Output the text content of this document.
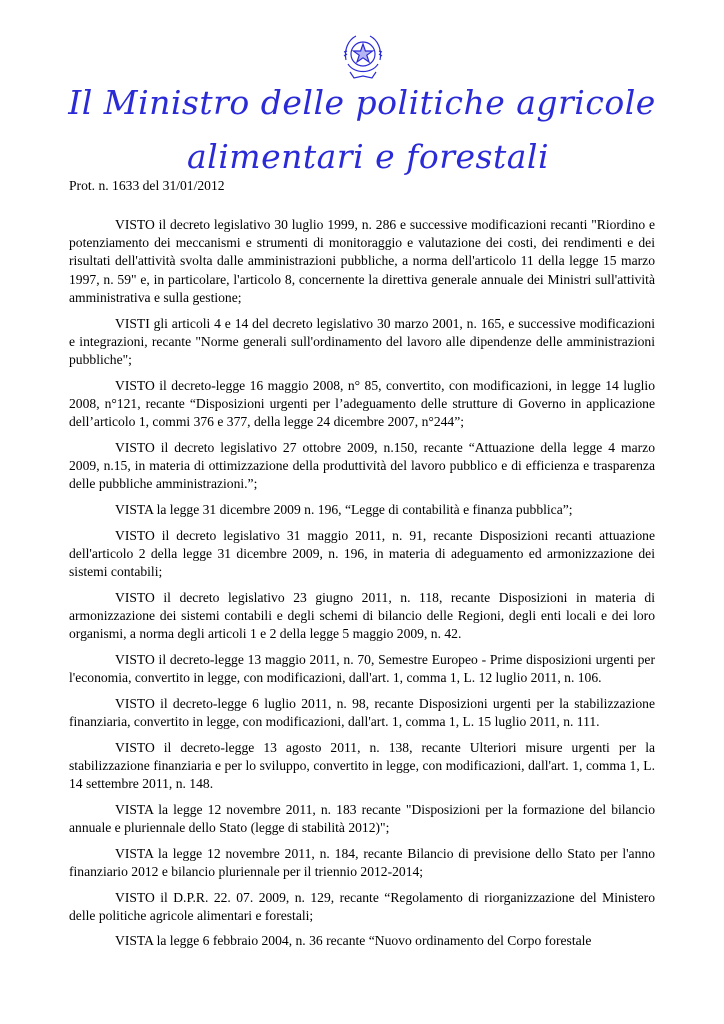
Il Ministro delle politiche agricole
alimentari e forestali
Prot. n. 1633 del 31/01/2012

VISTO il decreto legislativo 30 luglio 1999, n. 286 e successive modificazioni recanti "Riordino e potenziamento dei meccanismi e strumenti di monitoraggio e valutazione dei costi, dei rendimenti e dei risultati dell'attività svolta dalle amministrazioni pubbliche, a norma dell'articolo 11 della legge 15 marzo 1997, n. 59" e, in particolare, l'articolo 8, concernente la direttiva generale annuale dei Ministri sull'attività amministrativa e sulla gestione;

VISTI gli articoli 4 e 14 del decreto legislativo 30 marzo 2001, n. 165, e successive modificazioni e integrazioni, recante "Norme generali sull'ordinamento del lavoro alle dipendenze delle amministrazioni pubbliche";

VISTO il decreto-legge 16 maggio 2008, n° 85, convertito, con modificazioni, in legge 14 luglio 2008, n°121, recante “Disposizioni urgenti per l’adeguamento delle strutture di Governo in applicazione dell’articolo 1, commi 376 e 377, della legge 24 dicembre 2007, n°244”;

VISTO il decreto legislativo 27 ottobre 2009, n.150, recante “Attuazione della legge 4 marzo 2009, n.15, in materia di ottimizzazione della produttività del lavoro pubblico e di efficienza e trasparenza delle pubbliche amministrazioni.”;

VISTA la legge 31 dicembre 2009 n. 196, “Legge di contabilità e finanza pubblica”;

VISTO il decreto legislativo 31 maggio 2011, n. 91, recante Disposizioni recanti attuazione dell'articolo 2 della legge 31 dicembre 2009, n. 196, in materia di adeguamento ed armonizzazione dei sistemi contabili;

VISTO il decreto legislativo 23 giugno 2011, n. 118, recante Disposizioni in materia di armonizzazione dei sistemi contabili e degli schemi di bilancio delle Regioni, degli enti locali e dei loro organismi, a norma degli articoli 1 e 2 della legge 5 maggio 2009, n. 42.

VISTO il decreto-legge 13 maggio 2011, n. 70, Semestre Europeo - Prime disposizioni urgenti per l'economia, convertito in legge, con modificazioni, dall'art. 1, comma 1, L. 12 luglio 2011, n. 106.

VISTO il decreto-legge 6 luglio 2011, n. 98, recante Disposizioni urgenti per la stabilizzazione finanziaria, convertito in legge, con modificazioni, dall'art. 1, comma 1, L. 15 luglio 2011, n. 111.

VISTO il decreto-legge 13 agosto 2011, n. 138, recante Ulteriori misure urgenti per la stabilizzazione finanziaria e per lo sviluppo, convertito in legge, con modificazioni, dall'art. 1, comma 1, L. 14 settembre 2011, n. 148.

VISTA la legge 12 novembre 2011, n. 183 recante "Disposizioni per la formazione del bilancio annuale e pluriennale dello Stato (legge di stabilità 2012)";

VISTA la legge 12 novembre 2011, n. 184, recante Bilancio di previsione dello Stato per l'anno finanziario 2012 e bilancio pluriennale per il triennio 2012-2014;

VISTO il D.P.R. 22. 07. 2009, n. 129, recante “Regolamento di riorganizzazione del Ministero delle politiche agricole alimentari e forestali;

VISTA la legge 6 febbraio 2004, n. 36 recante “Nuovo ordinamento del Corpo forestale
